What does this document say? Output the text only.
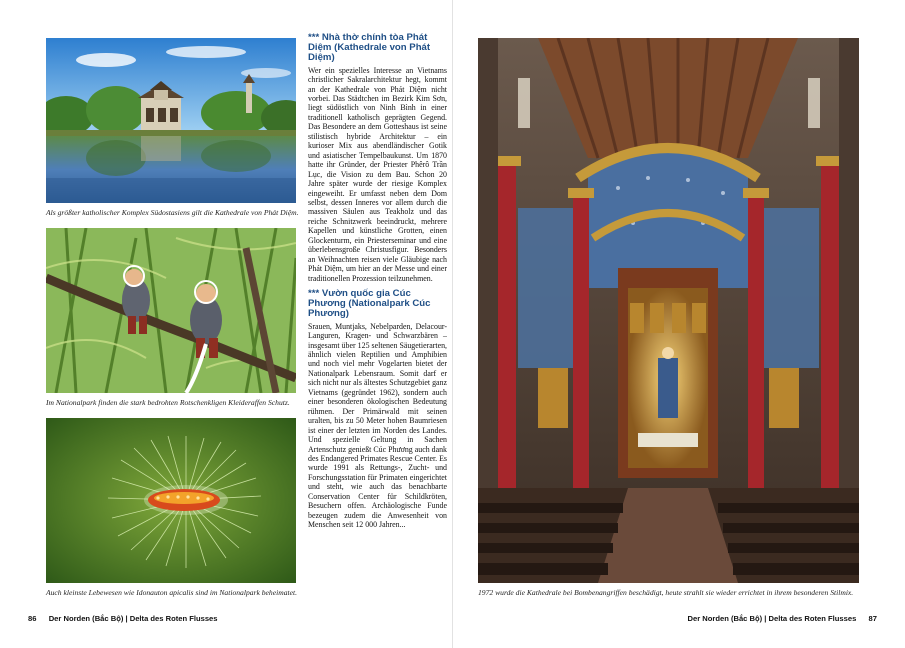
Als größter katholischer Komplex Südostasiens gilt die Kathedrale von Phát Diệm.
Im Nationalpark finden die stark bedrohten Rotschenkligen Kleideraffen Schutz.
Auch kleinste Lebewesen wie Idonauton apicalis sind im Nationalpark beheimatet.
*** Nhà thờ chính tòa Phát Diệm (Kathedrale von Phát Diệm)

Wer ein spezielles Interesse an Vietnams christlicher Sakralarchitektur hegt, kommt an der Kathedrale von Phát Diệm nicht vorbei. Das Städtchen im Bezirk Kim Sơn, liegt südöstlich von Ninh Bình in einer traditionell katholisch geprägten Gegend. Das Besondere an dem Gotteshaus ist seine stilistisch hybride Architektur – ein kurioser Mix aus abendländischer Gotik und asiatischer Tempelbaukunst. Um 1870 hatte ihr Gründer, der Priester Phêrô Trần Lục, die Vision zu dem Bau. Schon 20 Jahre später wurde der riesige Komplex eingeweiht. Er umfasst neben dem Dom selbst, dessen Inneres vor allem durch die massiven Säulen aus Teakholz und das reiche Schnitzwerk beeindruckt, mehrere Kapellen und künstliche Grotten, einen Glockenturm, ein Priesterseminar und eine überlebensgroße Christusfigur. Besonders an Weihnachten reisen viele Gläubige nach Phát Diệm, um hier an der Messe und einer traditionellen Prozession teilzunehmen.

*** Vườn quốc gia Cúc Phương (Nationalpark Cúc Phương)

Srauen, Muntjaks, Nebelparden, Delacour-Languren, Kragen- und Schwarzbären – insgesamt über 125 seltenen Säugetierarten, ähnlich vielen Reptilien und Amphibien und noch viel mehr Vogelarten bietet der Nationalpark Lebensraum. Somit darf er sich nicht nur als ältestes Schutzgebiet ganz Vietnams (gegründet 1962), sondern auch einer besonderen ökologischen Bedeutung rühmen. Der Primärwald mit seinen uralten, bis zu 50 Meter hohen Baumriesen ist einer der letzten im Norden des Landes. Und spezielle Geltung in Sachen Artenschutz genießt Cúc Phương auch dank des Endangered Primates Rescue Center. Es wurde 1991 als Rettungs-, Zucht- und Forschungsstation für Primaten eingerichtet und steht, wie auch das benachbarte Conservation Center für Schildkröten, Besuchern offen. Archäologische Funde bezeugen zudem die Anwesenheit von Menschen seit 12 000 Jahren...

86 Der Norden (Bắc Bộ) | Delta des Roten Flusses
1972 wurde die Kathedrale bei Bombenangriffen beschädigt, heute strahlt sie wieder errichtet in ihrem besonderen Stilmix.
Der Norden (Bắc Bộ) | Delta des Roten Flusses 87
